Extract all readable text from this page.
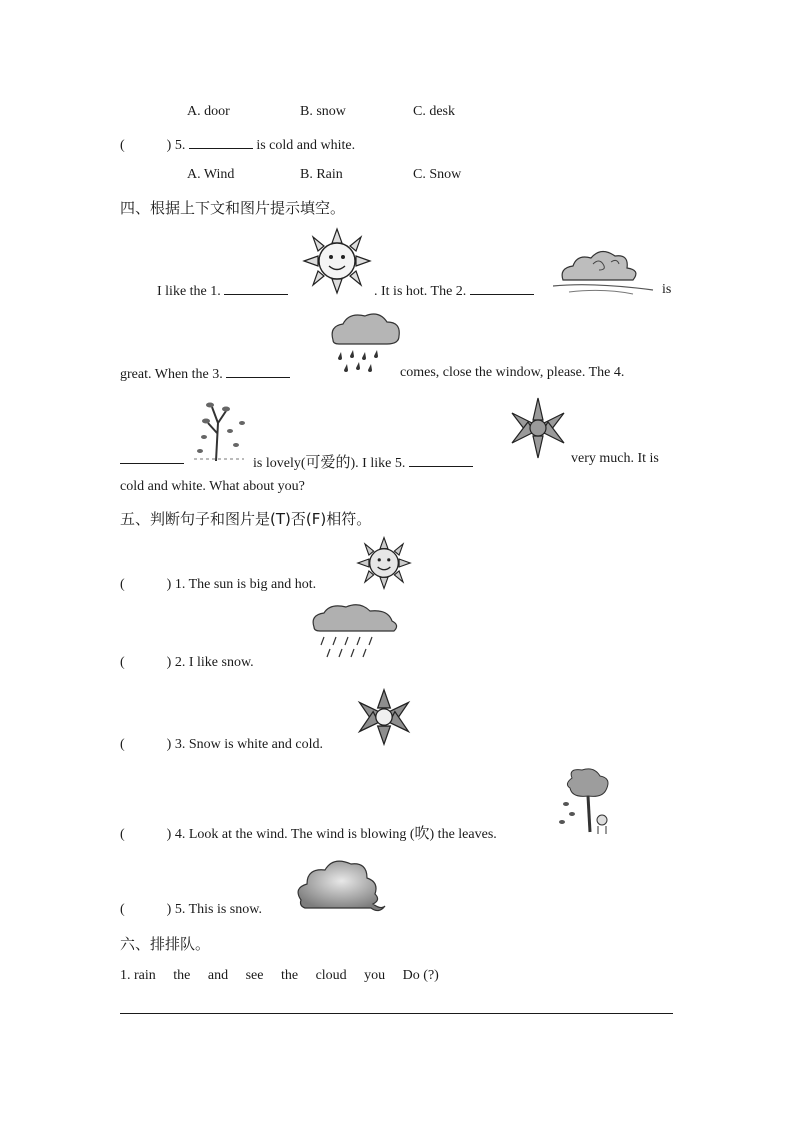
A. door	B. snow	C. desk
(	) 5.	is cold and white.
A. Wind	B. Rain	C. Snow
四、根据上下文和图片提示填空。
I like the 1.	. It is hot. The 2.	is
great. When the 3.	comes, close the window, please. The 4.
is lovely(可爱的). I like 5.	very much. It is
cold and white. What about you?
五、判断句子和图片是(T)否(F)相符。
(	) 1. The sun is big and hot.
(	) 2. I like snow.
(	) 3. Snow is white and cold.
(	) 4. Look at the wind. The wind is blowing (吹) the leaves.
(	) 5. This is snow.
六、排排队。
1. rain     the     and     see     the     cloud     you     Do (?)
